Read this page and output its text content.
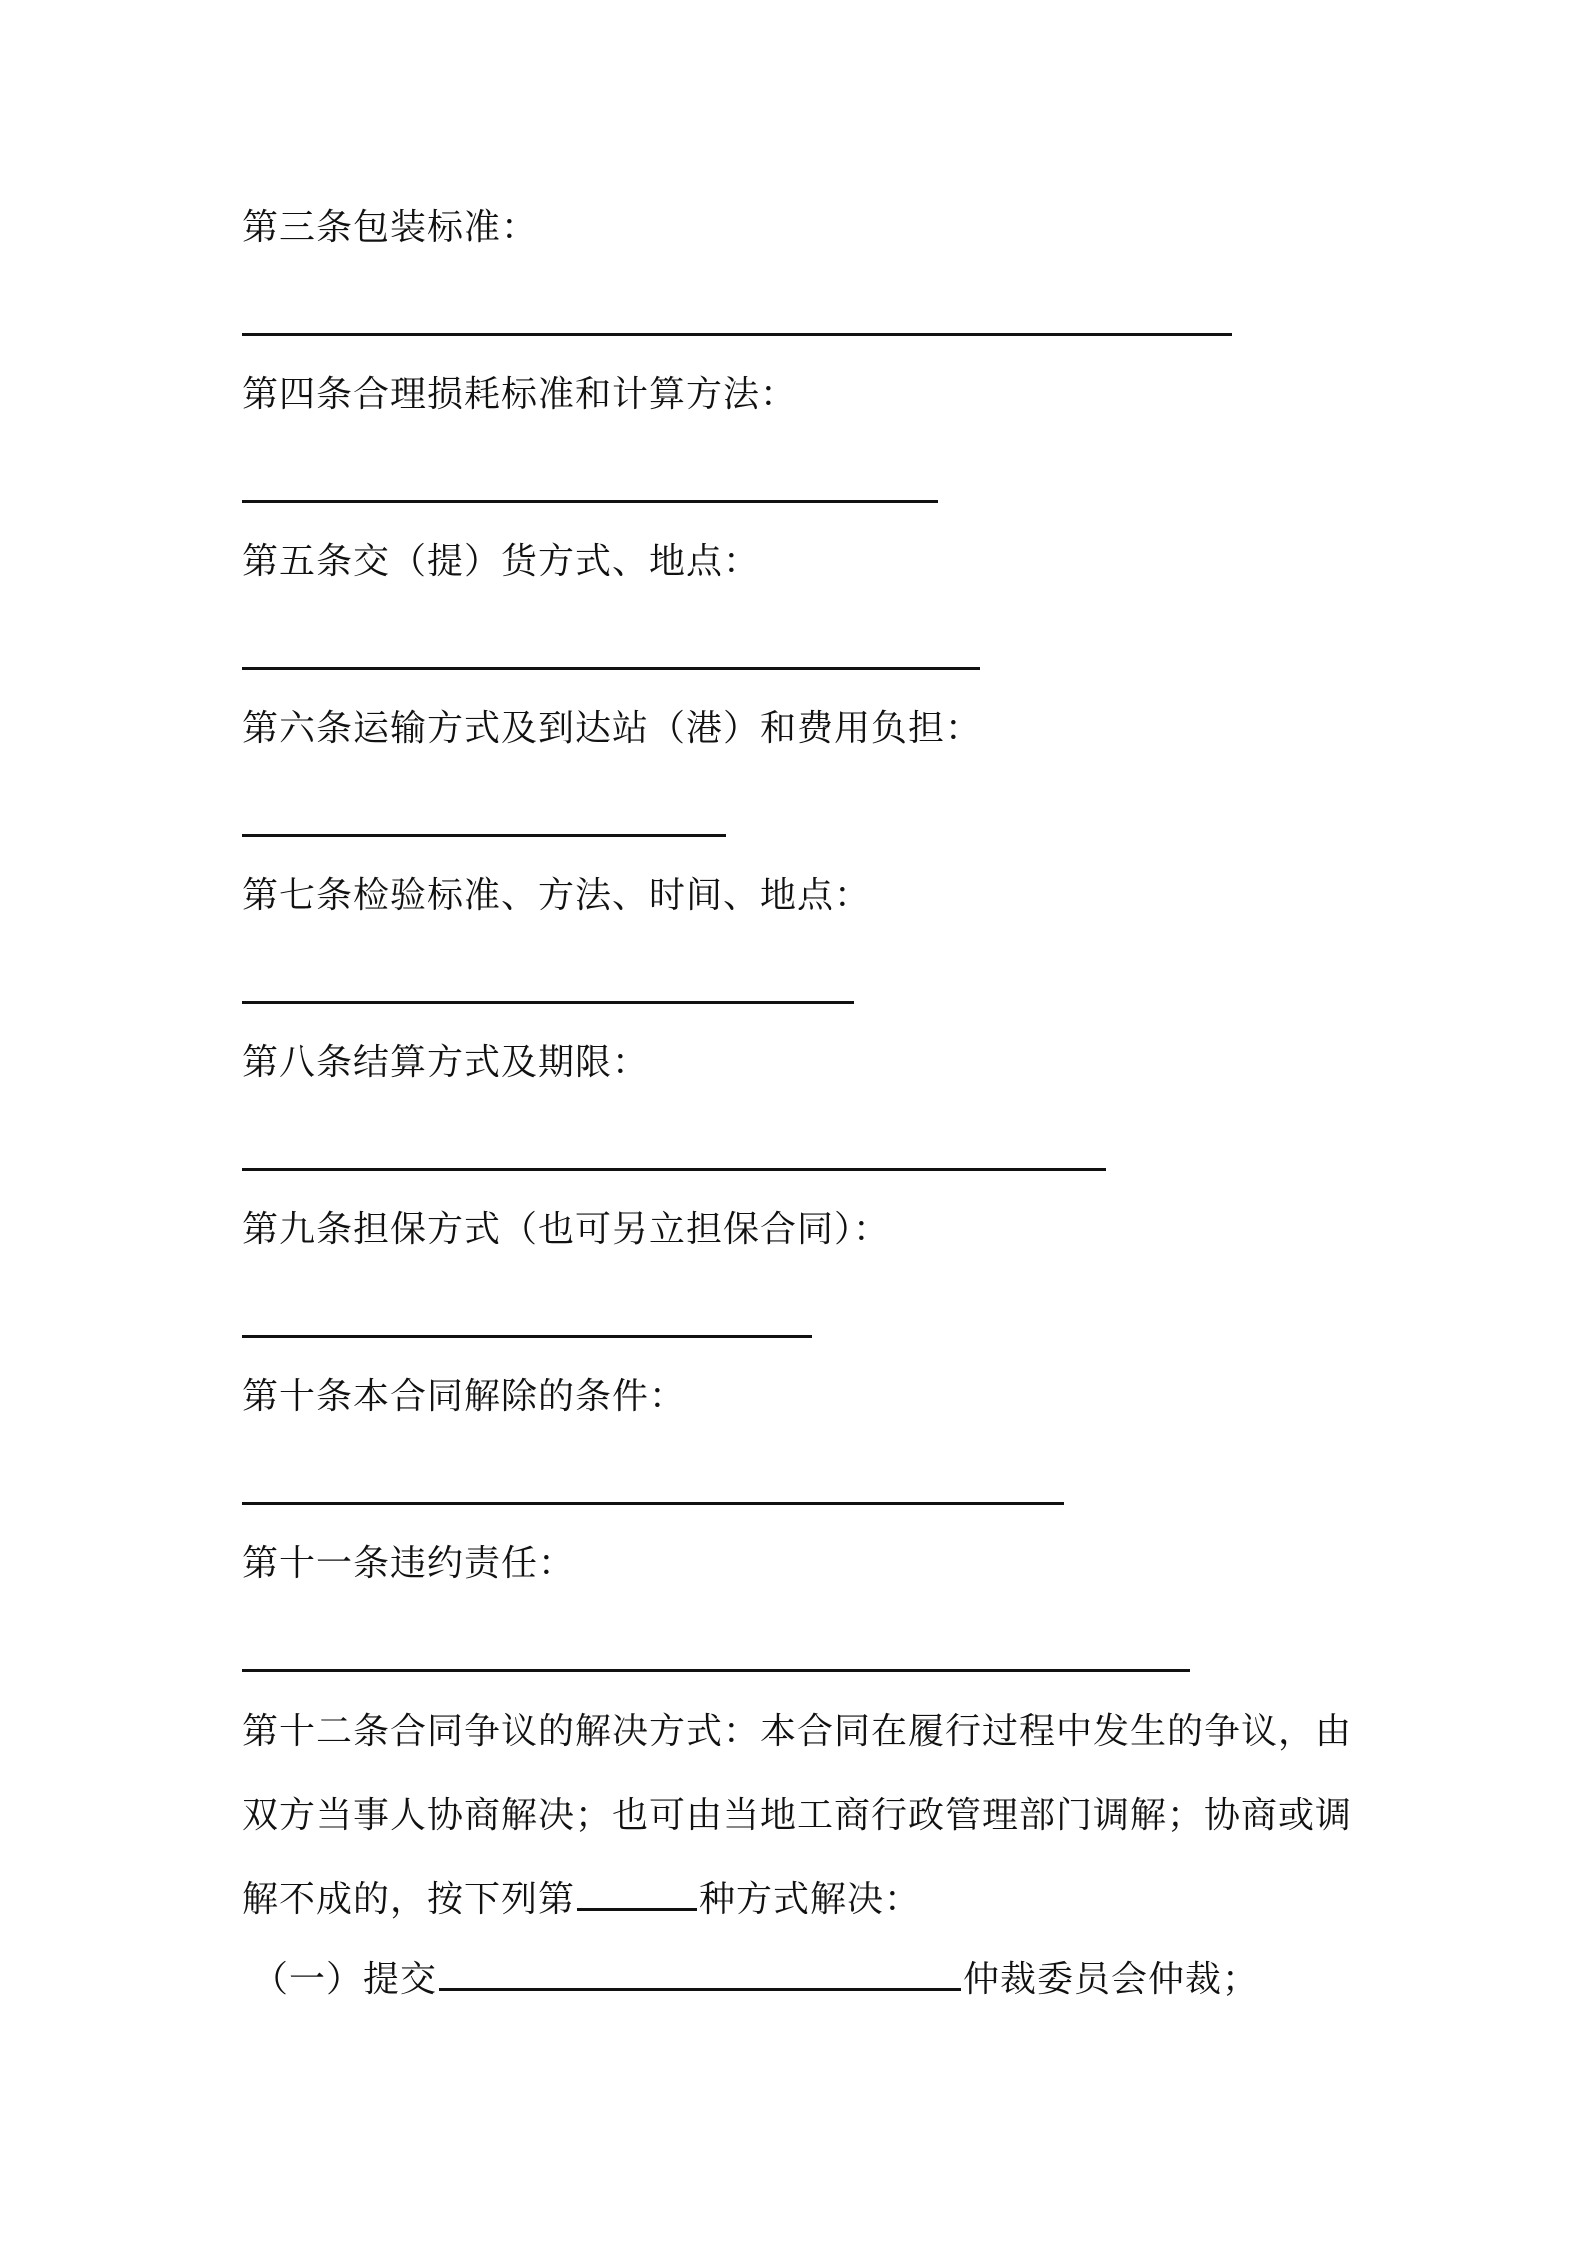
第三条包装标准：
第四条合理损耗标准和计算方法：
第五条交（提）货方式、地点：
第六条运输方式及到达站（港）和费用负担：
第七条检验标准、方法、时间、地点：
第八条结算方式及期限：
第九条担保方式（也可另立担保合同）：
第十条本合同解除的条件：
第十一条违约责任：
第十二条合同争议的解决方式：本合同在履行过程中发生的争议，由
双方当事人协商解决；也可由当地工商行政管理部门调解；协商或调
解不成的，按下列第	种方式解决：
（一）提交	仲裁委员会仲裁；
